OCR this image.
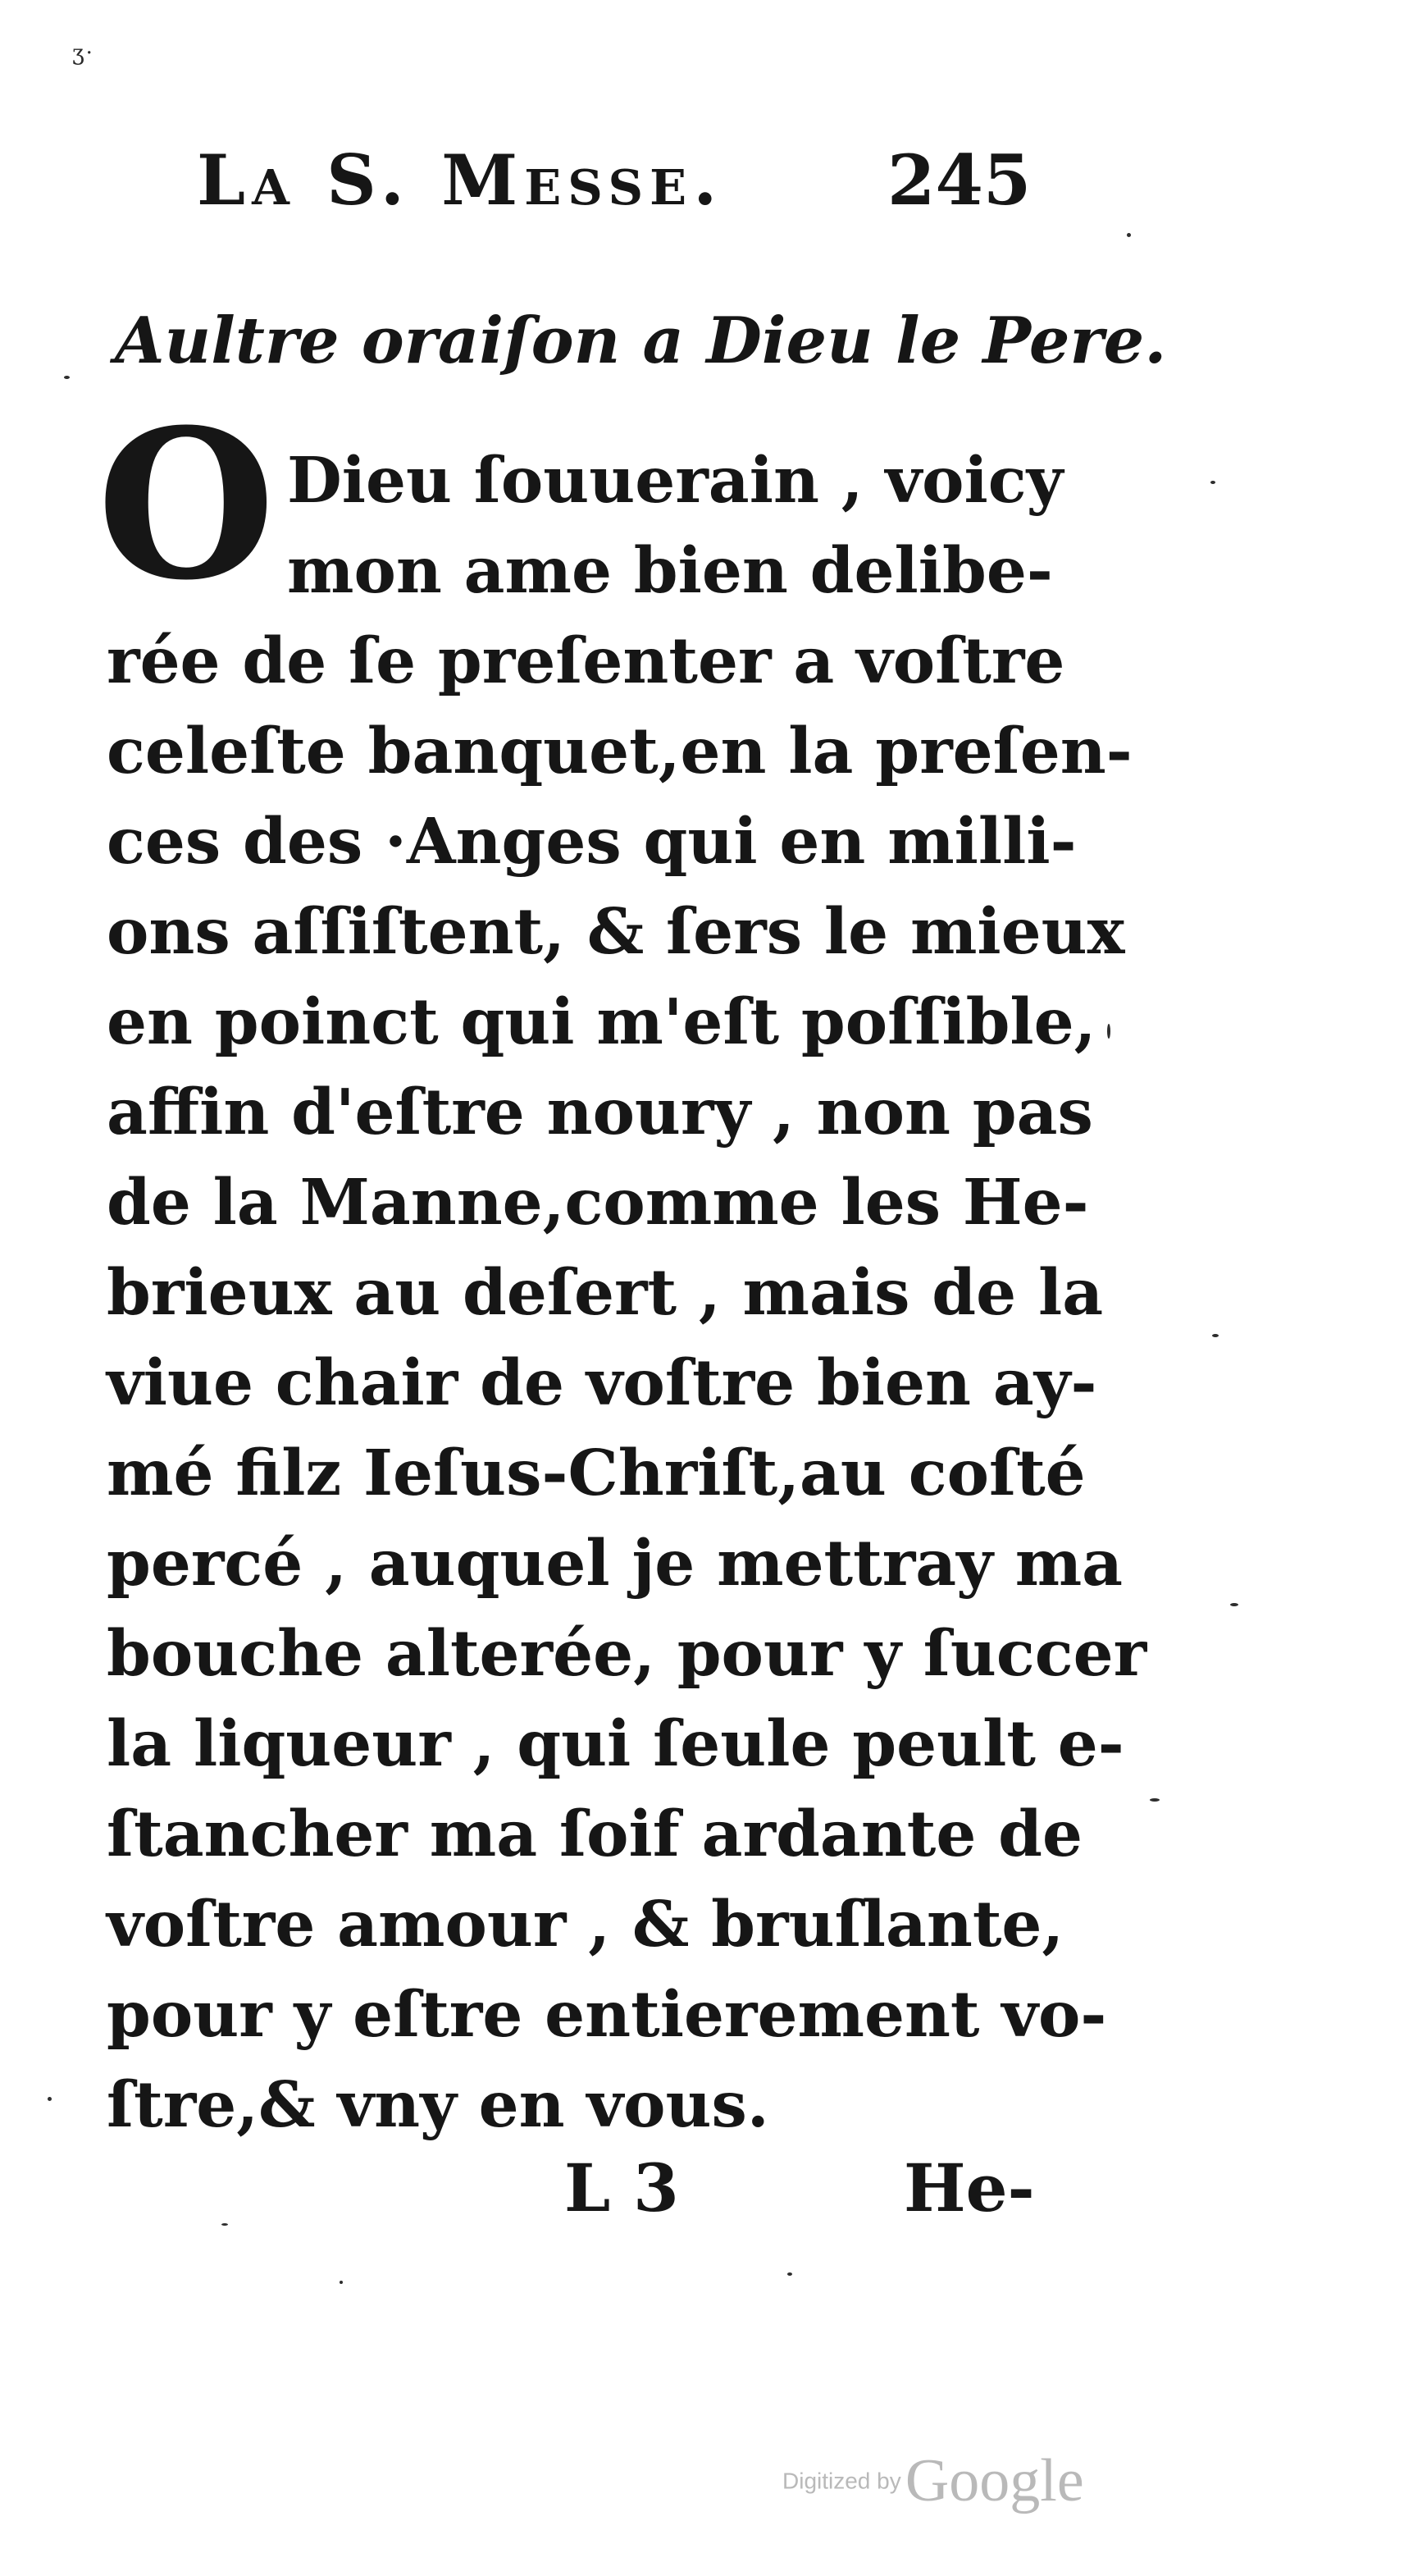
ʒ·
La S. Messe. 245
Aultre oraiſon a Dieu le Pere.
O Dieu ſouuerain , voicy
mon ame bien delibe-
rée de ſe preſenter a voſtre
celeſte banquet,en la preſen-
ces des ·Anges qui en milli-
ons aſſiſtent, & ſers le mieux
en poinct qui m'eſt poſſible,
affin d'eſtre noury , non pas
de la Manne,comme les He-
brieux au deſert , mais de la
viue chair de voſtre bien ay-
mé filz Ieſus-Chriſt,au coſté
percé , auquel je mettray ma
bouche alterée, pour y ſuccer
la liqueur , qui ſeule peult e-
ſtancher ma ſoif ardante de
voſtre amour , & bruſlante,
pour y eſtre entierement vo-
ſtre,& vny en vous.
L 3	He-
Digitized by Google
